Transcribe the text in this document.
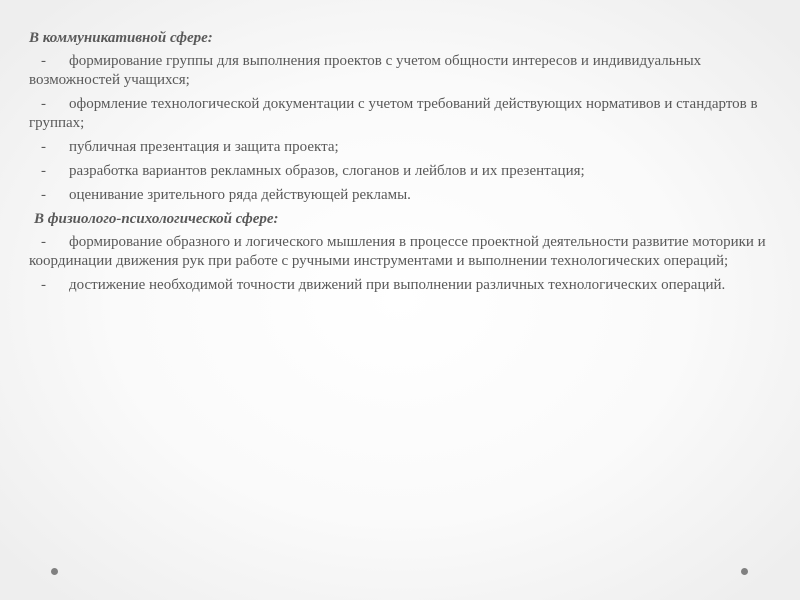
В коммуникативной сфере:

- формирование группы для выполнения проектов с учетом общности интересов и индивидуальных возможностей учащихся;
- оформление технологической документации с учетом требований действующих нормативов и стандартов в группах;
- публичная презентация и защита проекта;
- разработка вариантов рекламных образов, слоганов и лейблов и их презентация;
- оценивание зрительного ряда действующей рекламы.

В физиолого-психологической сфере:

- формирование образного и логического мышления в процессе проектной деятельности развитие моторики и координации движения рук при работе с ручными инструментами и выполнении технологических операций;
- достижение необходимой точности движений при выполнении различных технологических операций.
